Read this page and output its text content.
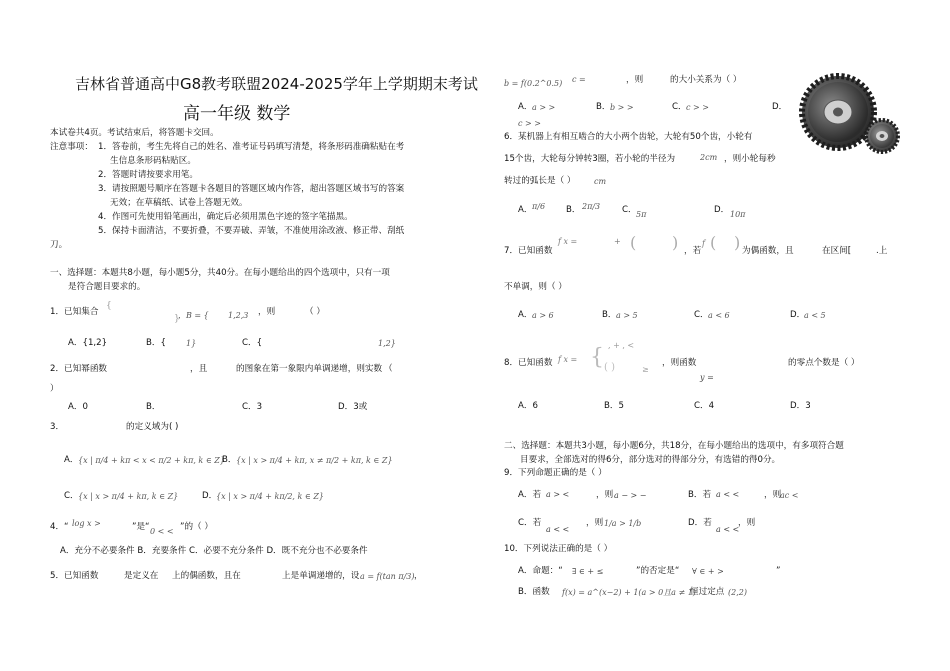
吉林省普通高中G8教考联盟2024-2025学年上学期期末考试
高一年级 数学
本试卷共4页。考试结束后，将答题卡交回。
注意事项： 1．答卷前，考生先将自己的姓名、准考证号码填写清楚，将条形码准确粘贴在考
生信息条形码粘贴区。
2．答题时请按要求用笔。
3．请按照题号顺序在答题卡各题目的答题区域内作答，超出答题区域书写的答案
无效；在草稿纸、试卷上答题无效。
4．作图可先使用铅笔画出，确定后必须用黑色字迹的签字笔描黑。
5．保持卡面清洁，不要折叠，不要弄破、弄皱，不准使用涂改液、修正带、刮纸
刀。
一、选择题：本题共8小题，每小题5分，共40分。在每小题给出的四个选项中，只有一项
是符合题目要求的。
1．已知集合
{
}
，B = { 1,2,3 ，则	（ ）
A．{1,2}	B．{	1}	C．{	1,2}
2．已知幂函数	，且	的图象在第一象限内单调递增，则实数 （
）
A．0	B．	C．3	D．3或
3．	的定义域为( )
A． {x | π/4 + kπ < x < π/2 + kπ, k ∈ Z}
B． {x | x > π/4 + kπ, x ≠ π/2 + kπ, k ∈ Z}
C． {x | x > π/4 + kπ, k ∈ Z}	D．
{x | x > π/4 + kπ/2, k ∈ Z}
4．“ log x >	”是“ 0 < < ”的（ ）
A．充分不必要条件 B．充要条件 C．必要不充分条件 D．既不充分也不必要条件
5．已知函数	是定义在 上的偶函数，且在	上是单调递增的，设 a = f(tan π/3) ，
b = f(0.2^0.5) c =	，则	的大小关系为（ ）
A． a > >	B． b > >	C． c > >	D．
c > >
6．某机器上有相互啮合的大小两个齿轮，大轮有50个齿，小轮有
15个齿，大轮每分钟转3圈，若小轮的半径为	2cm ，则小轮每秒
转过的弧长是（ ） cm
A． π/6 B． 2π/3	C． 5π	D． 10π
7．已知函数
f x =	+ ( ) ，若
f ( ) 为偶函数，且	在区间[	.上
不单调，则（ ）
A． a > 6	B． a > 5	C． a < 6	D．
a < 5
8．已知函数 f x = { , + , <
( )	≥
，则函数
y =
的零点个数是（ ）
A．6	B．5	C．4	D．3
二、选择题：本题共3小题，每小题6分，共18分，在每小题给出的选项中，有多项符合题
目要求，全部选对的得6分，部分选对的得部分分，有选错的得0分。
9．下列命题正确的是（ ）
A．若 a > <	，则 a − > −	B．若 a < <	，则
ac <
C．若
a < <
，则 1/a > 1/b	D．若
a < <
，则
10．下列说法正确的是（ ）
A．命题：“ ∃ ∈ + ≤	”的否定是“ ∀ ∈ + >	”
B．函数 f(x) = a^(x−2) + 1(a > 0且a ≠ 1)
恒过定点 (2,2)
